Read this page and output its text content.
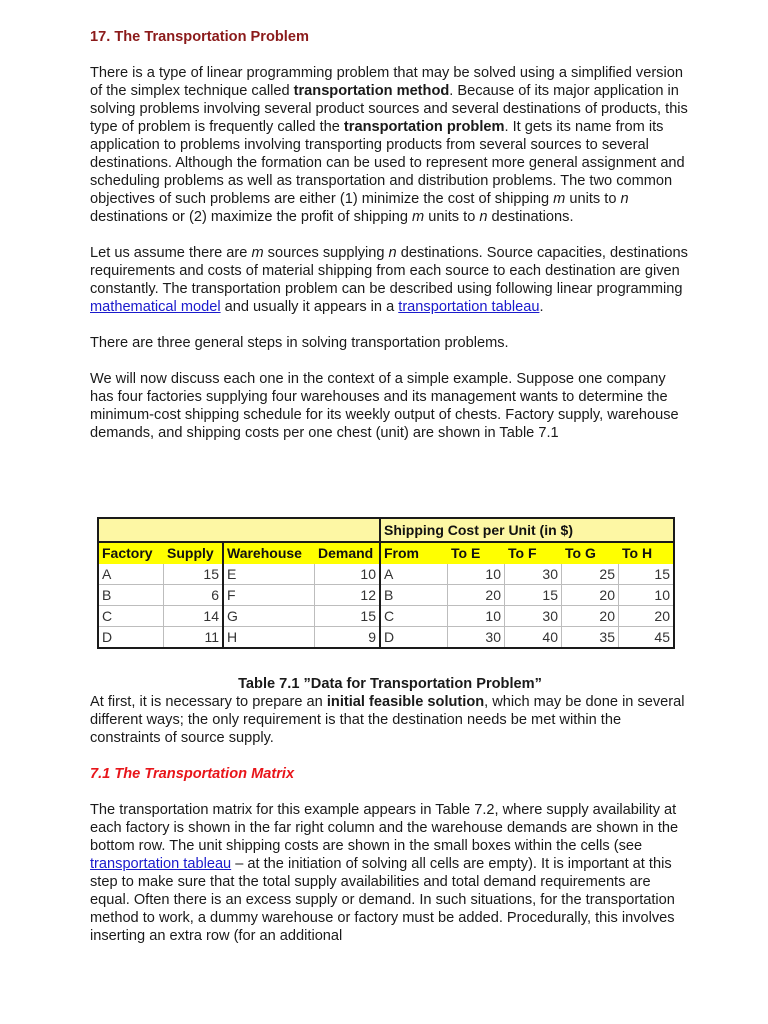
17. The Transportation Problem

There is a type of linear programming problem that may be solved using a simplified version of the simplex technique called transportation method. Because of its major application in solving problems involving several product sources and several destinations of products, this type of problem is frequently called the transportation problem. It gets its name from its application to problems involving transporting products from several sources to several destinations. Although the formation can be used to represent more general assignment and scheduling problems as well as transportation and distribution problems. The two common objectives of such problems are either (1) minimize the cost of shipping m units to n destinations or (2) maximize the profit of shipping m units to n destinations.

Let us assume there are m sources supplying n destinations. Source capacities, destinations requirements and costs of material shipping from each source to each destination are given constantly. The transportation problem can be described using following linear programming mathematical model and usually it appears in a transportation tableau.

There are three general steps in solving transportation problems.

We will now discuss each one in the context of a simple example. Suppose one company has four factories supplying four warehouses and its management wants to determine the minimum-cost shipping schedule for its weekly output of chests. Factory supply, warehouse demands, and shipping costs per one chest (unit) are shown in Table 7.1

				Shipping Cost per Unit (in $)				
Factory	Supply	Warehouse	Demand	From	To E	To F	To G	To H
A	15	E	10	A	10	30	25	15
B	6	F	12	B	20	15	20	10
C	14	G	15	C	10	30	20	20
D	11	H	9	D	30	40	35	45
Table 7.1 ”Data for Transportation Problem”

At first, it is necessary to prepare an initial feasible solution, which may be done in several different ways; the only requirement is that the destination needs be met within the constraints of source supply.

7.1 The Transportation Matrix

The transportation matrix for this example appears in Table 7.2, where supply availability at each factory is shown in the far right column and the warehouse demands are shown in the bottom row. The unit shipping costs are shown in the small boxes within the cells (see transportation tableau – at the initiation of solving all cells are empty). It is important at this step to make sure that the total supply availabilities and total demand requirements are equal. Often there is an excess supply or demand. In such situations, for the transportation method to work, a dummy warehouse or factory must be added. Procedurally, this involves inserting an extra row (for an additional
